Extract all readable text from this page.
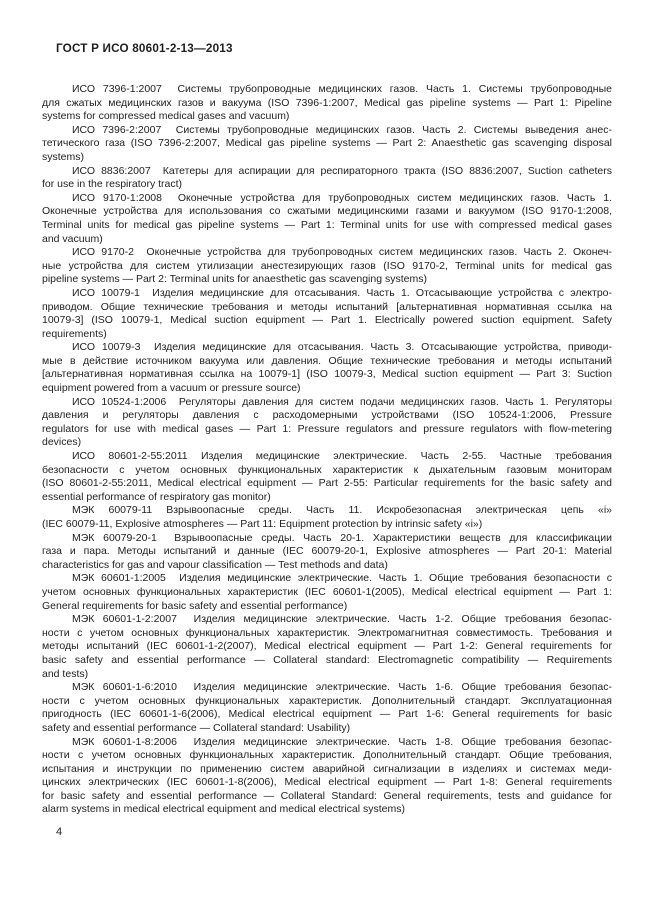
ГОСТ Р ИСО 80601-2-13—2013

ИСО 7396-1:2007  Системы трубопроводные медицинских газов. Часть 1. Системы трубопроводные
для сжатых медицинских газов и вакуума (ISO 7396-1:2007, Medical gas pipeline systems — Part 1: Pipeline
systems for compressed medical gases and vacuum)

ИСО 7396-2:2007  Системы трубопроводные медицинских газов. Часть 2. Системы выведения анес-
тетического газа (ISO 7396-2:2007, Medical gas pipeline systems — Part 2: Anaesthetic gas scavenging disposal
systems)

ИСО 8836:2007  Катетеры для аспирации для респираторного тракта (ISO 8836:2007, Suction catheters
for use in the respiratory tract)

ИСО 9170-1:2008  Оконечные устройства для трубопроводных систем медицинских газов. Часть 1.
Оконечные устройства для использования со сжатыми медицинскими газами и вакуумом (ISO 9170-1:2008,
Terminal units for medical gas pipeline systems — Part 1: Terminal units for use with compressed medical gases
and vacuum)

ИСО 9170-2  Оконечные устройства для трубопроводных систем медицинских газов. Часть 2. Оконеч-
ные устройства для систем утилизации анестезирующих газов (ISO 9170-2, Terminal units for medical gas
pipeline systems — Part 2: Terminal units for anaesthetic gas scavenging systems)

ИСО 10079-1  Изделия медицинские для отсасывания. Часть 1. Отсасывающие устройства с электро-
приводом. Общие технические требования и методы испытаний [альтернативная нормативная ссылка на
10079-3] (ISO 10079-1, Medical suction equipment — Part 1. Electrically powered suction equipment. Safety
requirements)

ИСО 10079-3  Изделия медицинские для отсасывания. Часть 3. Отсасывающие устройства, приводи-
мые в действие источником вакуума или давления. Общие технические требования и методы испытаний
[альтернативная нормативная ссылка на 10079-1] (ISO 10079-3, Medical suction equipment — Part 3: Suction
equipment powered from a vacuum or pressure source)

ИСО 10524-1:2006  Регуляторы давления для систем подачи медицинских газов. Часть 1. Регуляторы
давления и регуляторы давления с расходомерными устройствами (ISO 10524-1:2006, Pressure
regulators for use with medical gases — Part 1: Pressure regulators and pressure regulators with flow-metering
devices)

ИСО 80601-2-55:2011 Изделия медицинские электрические. Часть 2-55. Частные требования
безопасности с учетом основных функциональных характеристик к дыхательным газовым мониторам
(ISO 80601-2-55:2011, Medical electrical equipment — Part 2-55: Particular requirements for the basic safety and
essential performance of respiratory gas monitor)

МЭК 60079-11 Взрывоопасные среды. Часть 11. Искробезопасная электрическая цепь «i»
(IEC 60079-11, Explosive atmospheres — Part 11: Equipment protection by intrinsic safety «i»)

МЭК 60079-20-1  Взрывоопасные среды. Часть 20-1. Характеристики веществ для классификации
газа и пара. Методы испытаний и данные (IEC 60079-20-1, Explosive atmospheres — Part 20-1: Material
characteristics for gas and vapour classification — Test methods and data)

МЭК 60601-1:2005  Изделия медицинские электрические. Часть 1. Общие требования безопасности с
учетом основных функциональных характеристик (IEC 60601-1(2005), Medical electrical equipment — Part 1:
General requirements for basic safety and essential performance)

МЭК 60601-1-2:2007  Изделия медицинские электрические. Часть 1-2. Общие требования безопас-
ности с учетом основных функциональных характеристик. Электромагнитная совместимость. Требования и
методы испытаний (IEC 60601-1-2(2007), Medical electrical equipment — Part 1-2: General requirements for
basic safety and essential performance — Collateral standard: Electromagnetic compatibility — Requirements
and tests)

МЭК 60601-1-6:2010  Изделия медицинские электрические. Часть 1-6. Общие требования безопас-
ности с учетом основных функциональных характеристик. Дополнительный стандарт. Эксплуатационная
пригодность (IEC 60601-1-6(2006), Medical electrical equipment — Part 1-6: General requirements for basic
safety and essential performance — Collateral standard: Usability)

МЭК 60601-1-8:2006  Изделия медицинские электрические. Часть 1-8. Общие требования безопас-
ности с учетом основных функциональных характеристик. Дополнительный стандарт. Общие требования,
испытания и инструкции по применению систем аварийной сигнализации в изделиях и системах меди-
цинских электрических (IEC 60601-1-8(2006), Medical electrical equipment — Part 1-8: General requirements
for basic safety and essential performance — Collateral Standard: General requirements, tests and guidance for
alarm systems in medical electrical equipment and medical electrical systems)

4
